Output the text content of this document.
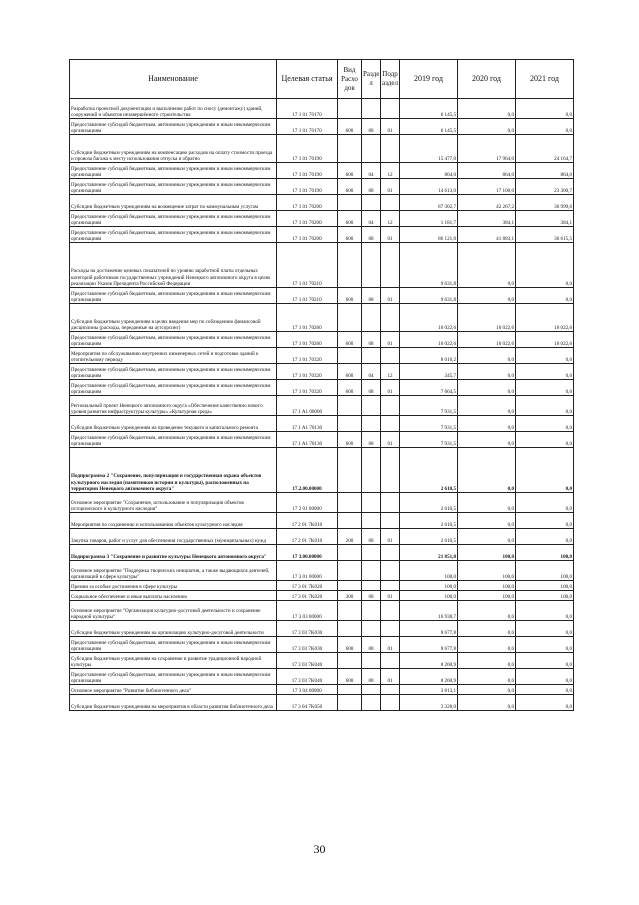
Наименование	Целевая статья	Вид Расхо дов	Разде л	Подр аздел	2019 год	2020 год	2021 год
Разработка проектной документации и выполнение работ по сносу (демонтажу) зданий, сооружений и объектов незавершённого строительства	17 1 01 70170				6 145,5	0,0	0,0
Предоставление субсидий бюджетным, автономным учреждениям и иным некоммерческим организациям	17 1 01 70170	600	08	01	6 145,5	0,0	0,0
Субсидии бюджетным учреждениям на компенсацию расходов на оплату стоимости проезда и провоза багажа к месту использования отпуска и обратно	17 1 01 70190				15 477,0	17 964,0	24 164,7
Предоставление субсидий бюджетным, автономным учреждениям и иным некоммерческим организациям	17 1 01 70190	600	04	12	864,0	864,0	864,0
Предоставление субсидий бюджетным, автономным учреждениям и иным некоммерческим организациям	17 1 01 70190	600	08	01	14 613,0	17 100,0	23 300,7
Субсидии бюджетным учреждениям на возмещение затрат по коммунальным услугам	17 1 01 70200				87 302,7	42 267,2	36 999,6
Предоставление субсидий бюджетным, автономным учреждениям и иным некоммерческим организациям	17 1 01 70200	600	04	12	1 181,7	384,1	384,1
Предоставление субсидий бюджетным, автономным учреждениям и иным некоммерческим организациям	17 1 01 70200	600	08	01	86 121,0	41 883,1	36 615,5
Расходы на достижение целевых показателей по уровню заработной платы отдельных категорий работников государственных учреждений Ненецкого автономного округа в целях реализации Указов Президента Российской Федерации	17 1 01 70210				9 631,8	0,0	0,0
Предоставление субсидий бюджетным, автономным учреждениям и иным некоммерческим организациям	17 1 01 70210	600	08	01	9 631,8	0,0	0,0
Субсидии бюджетным учреждениям в целях введения мер по соблюдению финансовой дисциплины (расходы, переданные на аутсорсинг)	17 1 01 70260				10 022,6	10 022,6	10 022,6
Предоставление субсидий бюджетным, автономным учреждениям и иным некоммерческим организациям	17 1 01 70260	600	08	01	10 022,6	10 022,6	10 022,6
Мероприятия по обслуживанию внутренних инженерных сетей и подготовке зданий к отопительному периоду	17 1 01 70320				8 010,2	0,0	0,0
Предоставление субсидий бюджетным, автономным учреждениям и иным некоммерческим организациям	17 1 01 70320	600	04	12	345,7	0,0	0,0
Предоставление субсидий бюджетным, автономным учреждениям и иным некоммерческим организациям	17 1 01 70320	600	08	01	7 664,5	0,0	0,0
Региональный проект Ненецкого автономного округа «Обеспечение качественно нового уровня развития инфраструктуры культуры» «Культурная среда»	17 1 A1 00000				7 931,5	0,0	0,0
Субсидии бюджетным учреждениям на проведение текущего и капитального ремонта	17 1 A1 70130				7 931,5	0,0	0,0
Предоставление субсидий бюджетным, автономным учреждениям и иным некоммерческим организациям	17 1 A1 70130	600	08	01	7 931,5	0,0	0,0
Подпрограмма 2 "Сохранение, популяризация и государственная охрана объектов культурного наследия (памятников истории и культуры), расположенных на территории Ненецкого автономного округа"	17.2.00.00000				2 610,5	0,0	0,0
Основное мероприятие "Сохранение, использование и популяризация объектов исторического и культурного наследия"	17 2 01 00000				2 610,5	0,0	0,0
Мероприятия по сохранению и использованию объектов культурного наследия	17 2 01 7K010				2 610,5	0,0	0,0
Закупка товаров, работ и услуг для обеспечения государственных (муниципальных) нужд	17 2 01 7K010	200	08	01	2 610,5	0,0	0,0
Подпрограмма 3 "Сохранение и развитие культуры Ненецкого автономного округа"	17 3.00.00000				21 851,8	100,0	100,0
Основное мероприятие "Поддержка творческих инициатив, а также выдающихся деятелей, организаций в сфере культуры"	17 3 01 00000				100,0	100,0	100,0
Премии за особые достижения в сфере культуры	17 3 01 7K020				100,0	100,0	100,0
Социальное обеспечение и иные выплаты населению	17 3 01 7K020	300	08	01	100,0	100,0	100,0
Основное мероприятие "Организация культурно-досуговой деятельности и сохранение народной культуры"	17 3 03 00000				16 938,7	0,0	0,0
Субсидии бюджетным учреждениям на организацию культурно-досуговой деятельности	17 3 03 7K030				8 677,8	0,0	0,0
Предоставление субсидий бюджетным, автономным учреждениям и иным некоммерческим организациям	17 3 03 7K030	600	08	01	8 677,8	0,0	0,0
Субсидии бюджетным учреждениям на сохранение и развитие традиционной народной культуры	17 3 03 7K040				8 260,9	0,0	0,0
Предоставление субсидий бюджетным, автономным учреждениям и иным некоммерческим организациям	17 3 03 7K040	600	08	01	8 260,9	0,0	0,0
Основное мероприятие "Развитие библиотечного дела"	17 3 04 00000				3 813,1	0,0	0,0
Субсидии бюджетным учреждениям на мероприятия в области развития библиотечного дела	17 3 04 7K050				3 328,0	0,0	0,0
30
